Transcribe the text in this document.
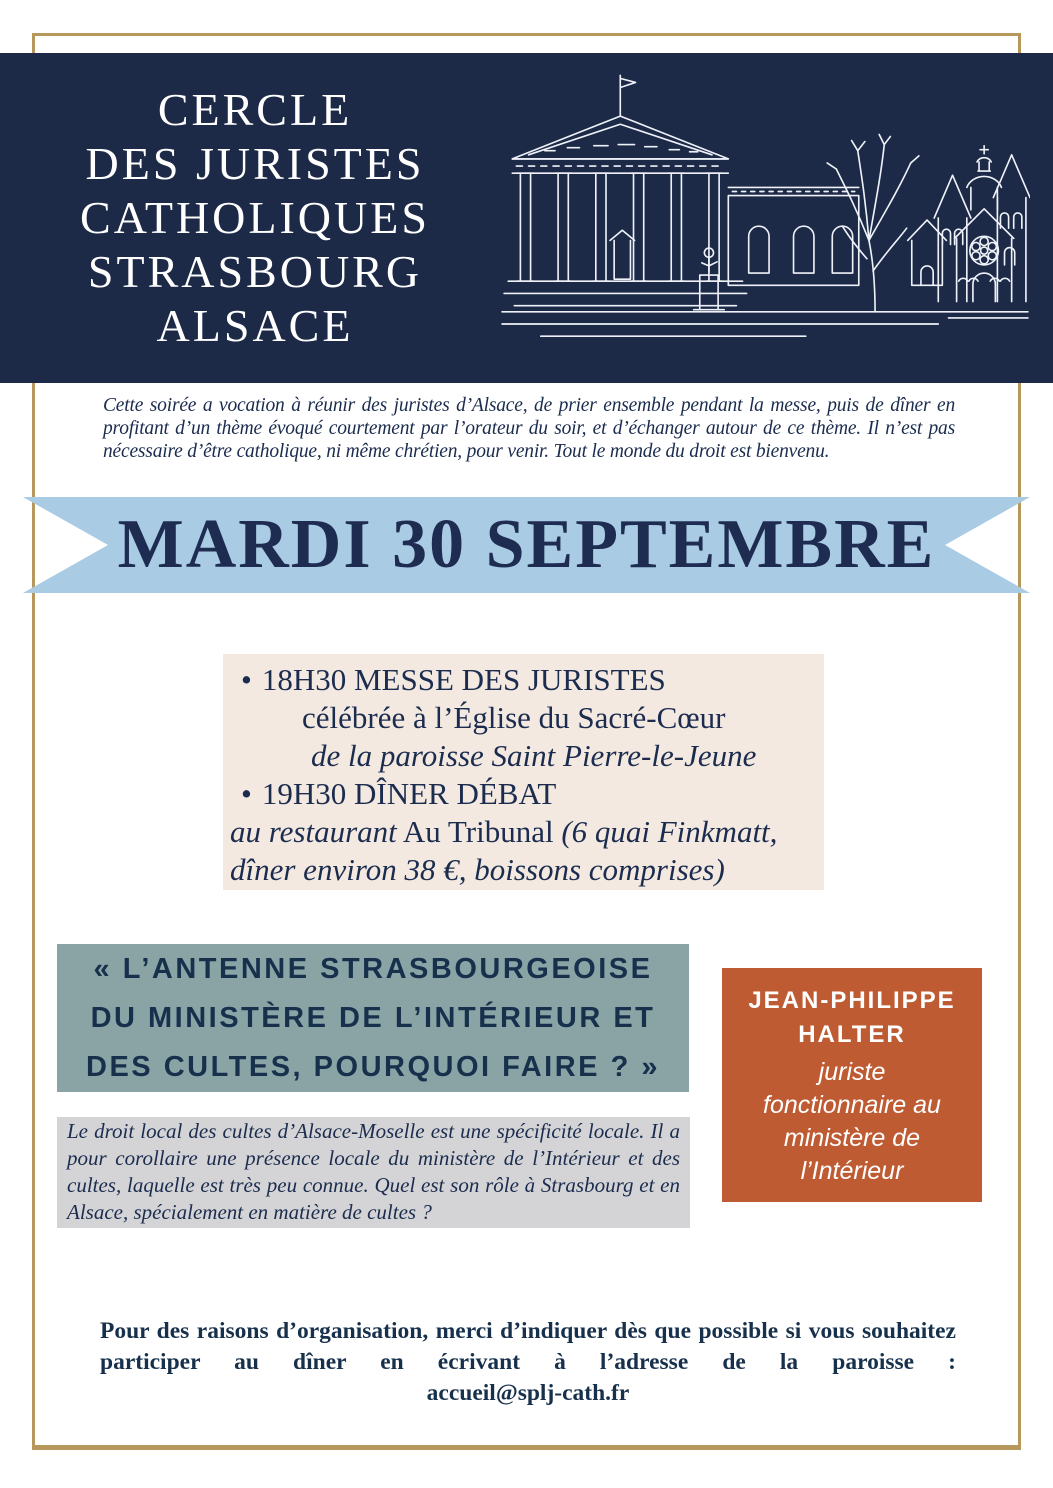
CERCLE
DES JURISTES
CATHOLIQUES
STRASBOURG
ALSACE
Cette soirée a vocation à réunir des juristes d’Alsace, de prier ensemble pendant la messe, puis de dîner en profitant d’un thème évoqué courtement par l’orateur du soir, et d’échanger autour de ce thème. Il n’est pas nécessaire d’être catholique, ni même chrétien, pour venir. Tout le monde du droit est bienvenu.
MARDI 30 SEPTEMBRE
• 18H30 MESSE DES JURISTES
célébrée à l’Église du Sacré-Cœur
de la paroisse Saint Pierre-le-Jeune
• 19H30 DÎNER DÉBAT
au restaurant Au Tribunal (6 quai Finkmatt,
dîner environ 38 €, boissons comprises)
« L’ANTENNE STRASBOURGEOISE
DU MINISTÈRE DE L’INTÉRIEUR ET
DES CULTES, POURQUOI FAIRE ? »
JEAN-PHILIPPE
HALTER
juriste fonctionnaire au ministère de l’Intérieur
Le droit local des cultes d’Alsace-Moselle est une spécificité locale. Il a pour corollaire une présence locale du ministère de l’Intérieur et des cultes, laquelle est très peu connue. Quel est son rôle à Strasbourg et en Alsace, spécialement en matière de cultes ?
Pour des raisons d’organisation, merci d’indiquer dès que possible si vous souhaitez participer au dîner en écrivant à l’adresse de la paroisse :
accueil@splj-cath.fr
